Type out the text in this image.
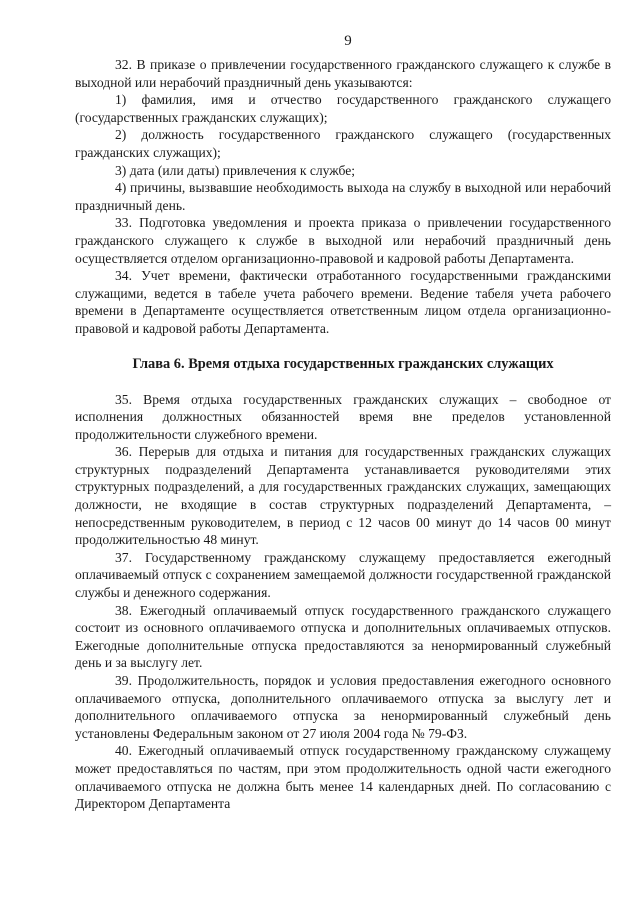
9

32. В приказе о привлечении государственного гражданского служащего к службе в выходной или нерабочий праздничный день указываются:

1) фамилия, имя и отчество государственного гражданского служащего (государственных гражданских служащих);

2) должность государственного гражданского служащего (государственных гражданских служащих);

3) дата (или даты) привлечения к службе;

4) причины, вызвавшие необходимость выхода на службу в выходной или нерабочий праздничный день.

33. Подготовка уведомления и проекта приказа о привлечении государственного гражданского служащего к службе в выходной или нерабочий праздничный день осуществляется отделом организационно-правовой и кадровой работы Департамента.

34. Учет времени, фактически отработанного государственными гражданскими служащими, ведется в табеле учета рабочего времени. Ведение табеля учета рабочего времени в Департаменте осуществляется ответственным лицом отдела организационно-правовой и кадровой работы Департамента.

Глава 6. Время отдыха государственных гражданских служащих

35. Время отдыха государственных гражданских служащих – свободное от исполнения должностных обязанностей время вне пределов установленной продолжительности служебного времени.

36. Перерыв для отдыха и питания для государственных гражданских служащих структурных подразделений Департамента устанавливается руководителями этих структурных подразделений, а для государственных гражданских служащих, замещающих должности, не входящие в состав структурных подразделений Департамента, – непосредственным руководителем, в период с 12 часов 00 минут до 14 часов 00 минут продолжительностью 48 минут.

37. Государственному гражданскому служащему предоставляется ежегодный оплачиваемый отпуск с сохранением замещаемой должности государственной гражданской службы и денежного содержания.

38. Ежегодный оплачиваемый отпуск государственного гражданского служащего состоит из основного оплачиваемого отпуска и дополнительных оплачиваемых отпусков. Ежегодные дополнительные отпуска предоставляются за ненормированный служебный день и за выслугу лет.

39. Продолжительность, порядок и условия предоставления ежегодного основного оплачиваемого отпуска, дополнительного оплачиваемого отпуска за выслугу лет и дополнительного оплачиваемого отпуска за ненормированный служебный день установлены Федеральным законом от 27 июля 2004 года № 79-ФЗ.

40. Ежегодный оплачиваемый отпуск государственному гражданскому служащему может предоставляться по частям, при этом продолжительность одной части ежегодного оплачиваемого отпуска не должна быть менее 14 календарных дней. По согласованию с Директором Департамента
